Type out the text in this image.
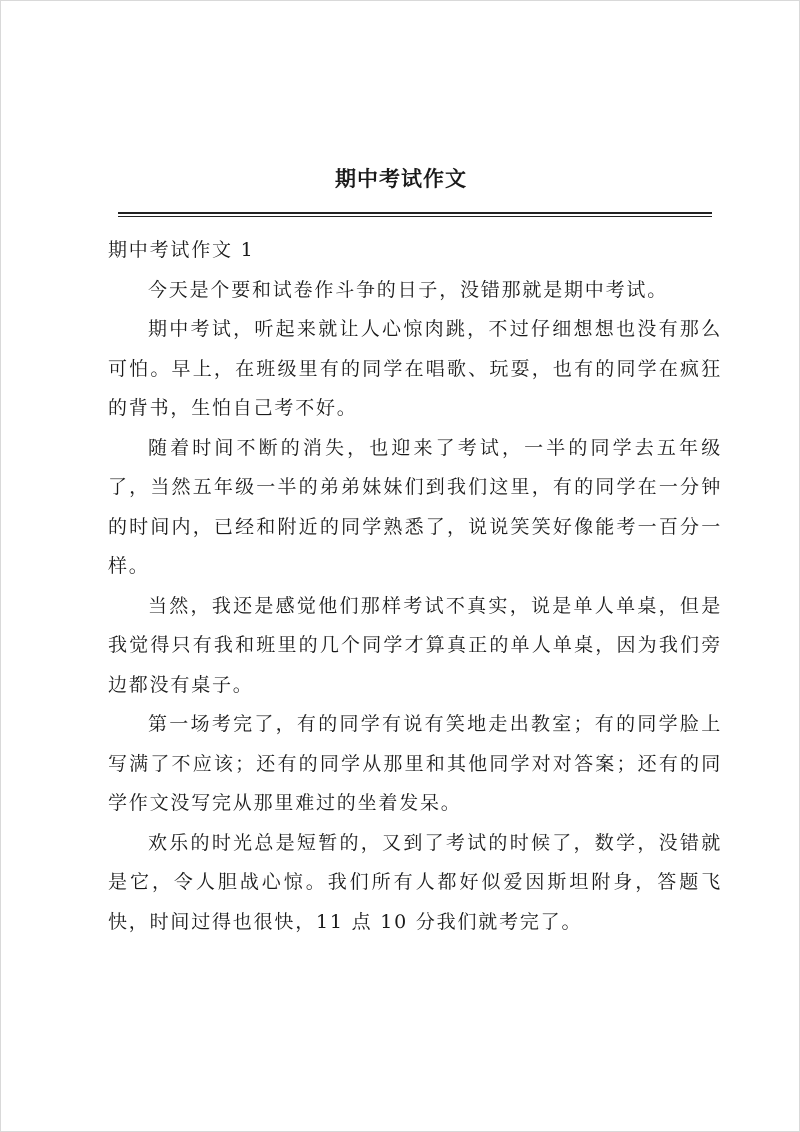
期中考试作文

期中考试作文 1

今天是个要和试卷作斗争的日子，没错那就是期中考试。

期中考试，听起来就让人心惊肉跳，不过仔细想想也没有那么可怕。早上，在班级里有的同学在唱歌、玩耍，也有的同学在疯狂的背书，生怕自己考不好。

随着时间不断的消失，也迎来了考试，一半的同学去五年级了，当然五年级一半的弟弟妹妹们到我们这里，有的同学在一分钟的时间内，已经和附近的同学熟悉了，说说笑笑好像能考一百分一样。

当然，我还是感觉他们那样考试不真实，说是单人单桌，但是我觉得只有我和班里的几个同学才算真正的单人单桌，因为我们旁边都没有桌子。

第一场考完了，有的同学有说有笑地走出教室；有的同学脸上写满了不应该；还有的同学从那里和其他同学对对答案；还有的同学作文没写完从那里难过的坐着发呆。

欢乐的时光总是短暂的，又到了考试的时候了，数学，没错就是它，令人胆战心惊。我们所有人都好似爱因斯坦附身，答题飞快，时间过得也很快，11 点 10 分我们就考完了。
